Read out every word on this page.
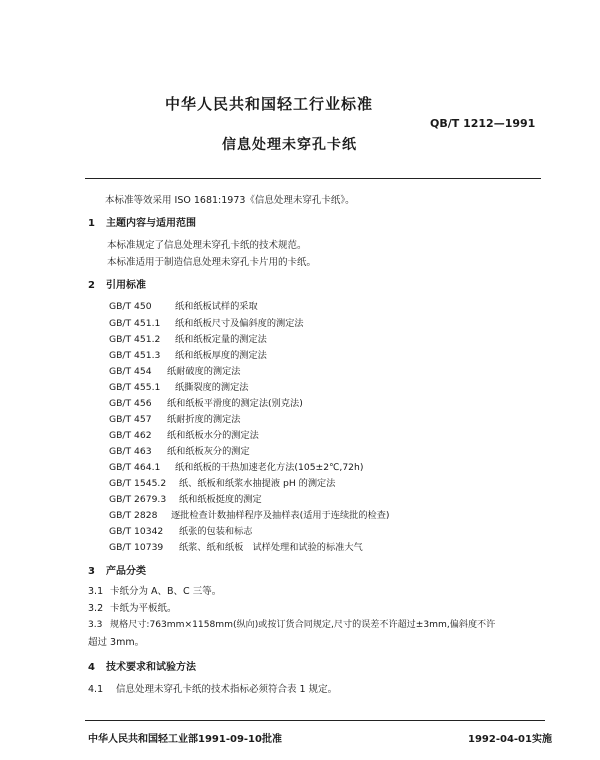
中华人民共和国轻工行业标准
QB/T 1212—1991
信息处理未穿孔卡纸
本标准等效采用 ISO 1681:1973《信息处理未穿孔卡纸》。
1 主题内容与适用范围
本标准规定了信息处理未穿孔卡纸的技术规范。
本标准适用于制造信息处理未穿孔卡片用的卡纸。
2 引用标准
GB/T 450	纸和纸板试样的采取
GB/T 451.1 纸和纸板尺寸及偏斜度的测定法
GB/T 451.2 纸和纸板定量的测定法
GB/T 451.3 纸和纸板厚度的测定法
GB/T 454 纸耐破度的测定法
GB/T 455.1 纸撕裂度的测定法
GB/T 456 纸和纸板平滑度的测定法(别克法)
GB/T 457 纸耐折度的测定法
GB/T 462 纸和纸板水分的测定法
GB/T 463 纸和纸板灰分的测定
GB/T 464.1 纸和纸板的干热加速老化方法(105±2℃,72h)
GB/T 1545.2 纸、纸板和纸浆水抽提液 pH 的测定法
GB/T 2679.3 纸和纸板挺度的测定
GB/T 2828 逐批检查计数抽样程序及抽样表(适用于连续批的检查)
GB/T 10342 纸张的包装和标志
GB/T 10739 纸浆、纸和纸板　试样处理和试验的标准大气
3 产品分类
3.1 卡纸分为 A、B、C 三等。
3.2 卡纸为平板纸。
3.3 规格尺寸:763mm×1158mm(纵向)或按订货合同规定,尺寸的误差不许超过±3mm,偏斜度不许
超过 3mm。
4 技术要求和试验方法
4.1 信息处理未穿孔卡纸的技术指标必须符合表 1 规定。
中华人民共和国轻工业部1991-09-10批准	1992-04-01实施
